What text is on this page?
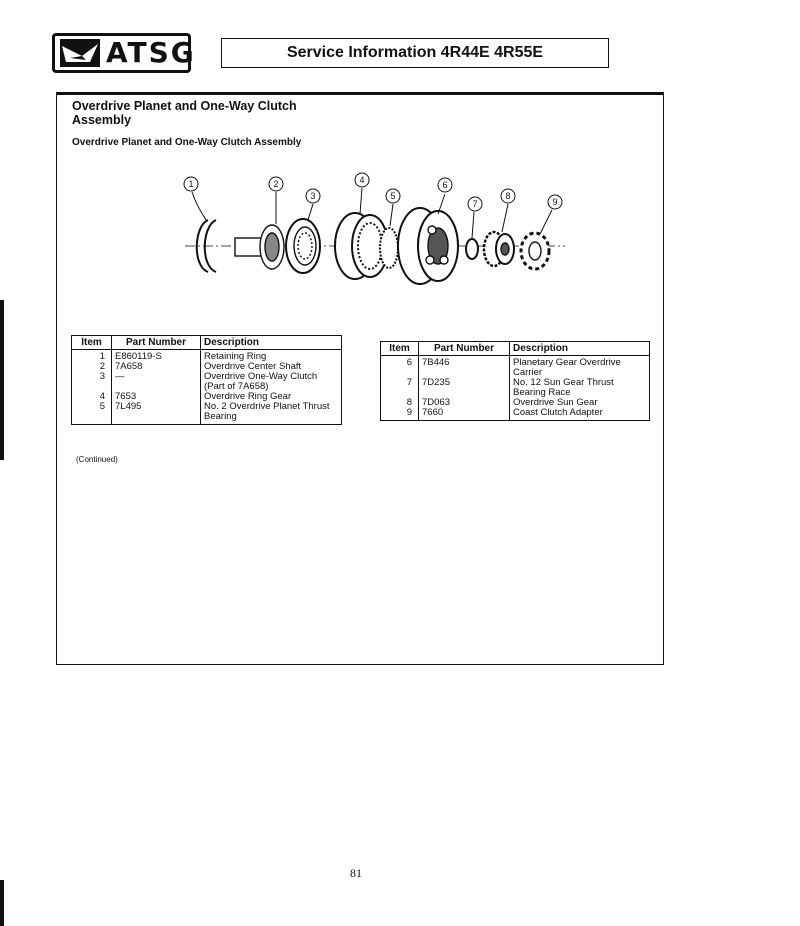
ATSG	Service Information 4R44E 4R55E
Overdrive Planet and One-Way Clutch Assembly
Overdrive Planet and One-Way Clutch Assembly
1	2
3
4
5
6
7
8
9
Item	Part Number	Description
1	E860119-S	Retaining Ring
2	7A658	Overdrive Center Shaft
3	—	Overdrive One-Way Clutch (Part of 7A658)
4	7653	Overdrive Ring Gear
5	7L495	No. 2 Overdrive Planet Thrust Bearing
(Continued)
Item	Part Number	Description
6	7B446	Planetary Gear Overdrive Carrier
7	7D235	No. 12 Sun Gear Thrust Bearing Race
8	7D063	Overdrive Sun Gear
9	7660	Coast Clutch Adapter
81
